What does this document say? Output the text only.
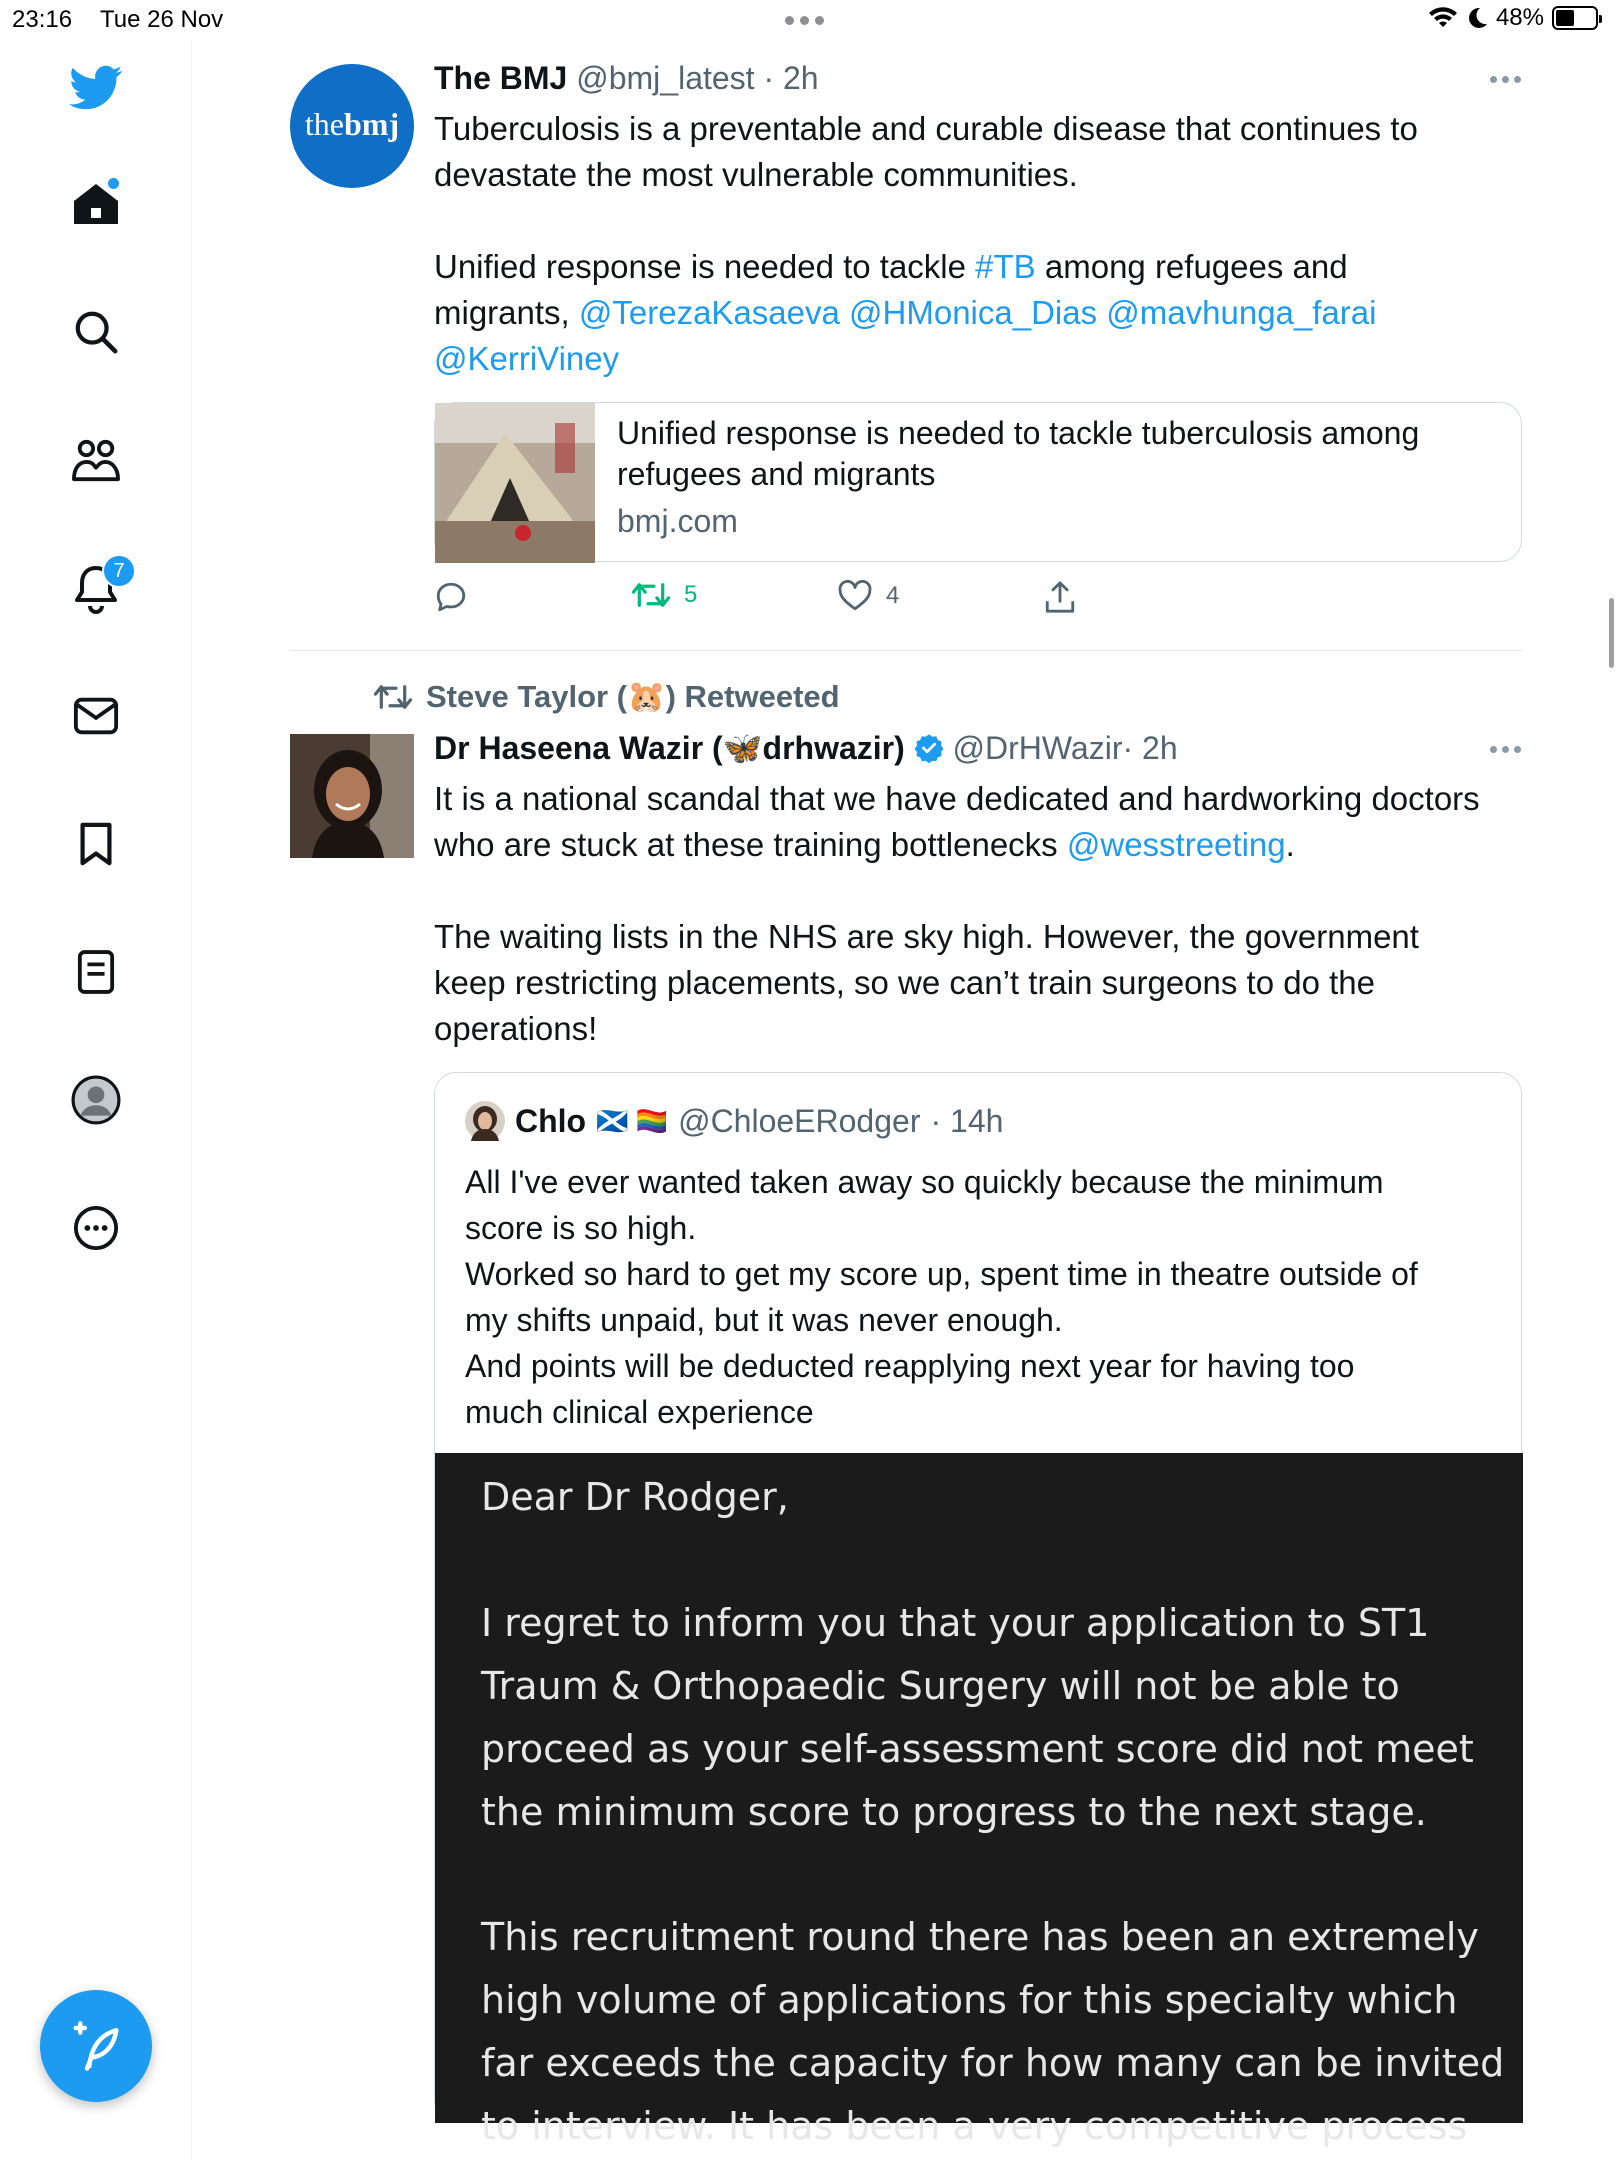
23:16 Tue 26 Nov	48%
7
thebmj
The BMJ @bmj_latest · 2h
Tuberculosis is a preventable and curable disease that continues to
devastate the most vulnerable communities.
Unified response is needed to tackle #TB among refugees and
migrants, @TerezaKasaeva @HMonica_Dias @mavhunga_farai
@KerriViney
Unified response is needed to tackle tuberculosis among refugees and migrants
bmj.com
5	4
Steve Taylor (🐹) Retweeted
Dr Haseena Wazir (🦋drhwazir) @DrHWazir· 2h
It is a national scandal that we have dedicated and hardworking doctors
who are stuck at these training bottlenecks @wesstreeting.
The waiting lists in the NHS are sky high. However, the government
keep restricting placements, so we can’t train surgeons to do the
operations!
Chlo 🏴󠁧󠁢󠁳󠁣󠁴󠁿 🏳️‍🌈 @ChloeERodger · 14h
All I've ever wanted taken away so quickly because the minimum
score is so high.
Worked so hard to get my score up, spent time in theatre outside of
my shifts unpaid, but it was never enough.
And points will be deducted reapplying next year for having too
much clinical experience
Dear Dr Rodger,
I regret to inform you that your application to ST1
Traum & Orthopaedic Surgery will not be able to
proceed as your self-assessment score did not meet
the minimum score to progress to the next stage.
This recruitment round there has been an extremely
high volume of applications for this specialty which
far exceeds the capacity for how many can be invited
to interview. It has been a very competitive process
